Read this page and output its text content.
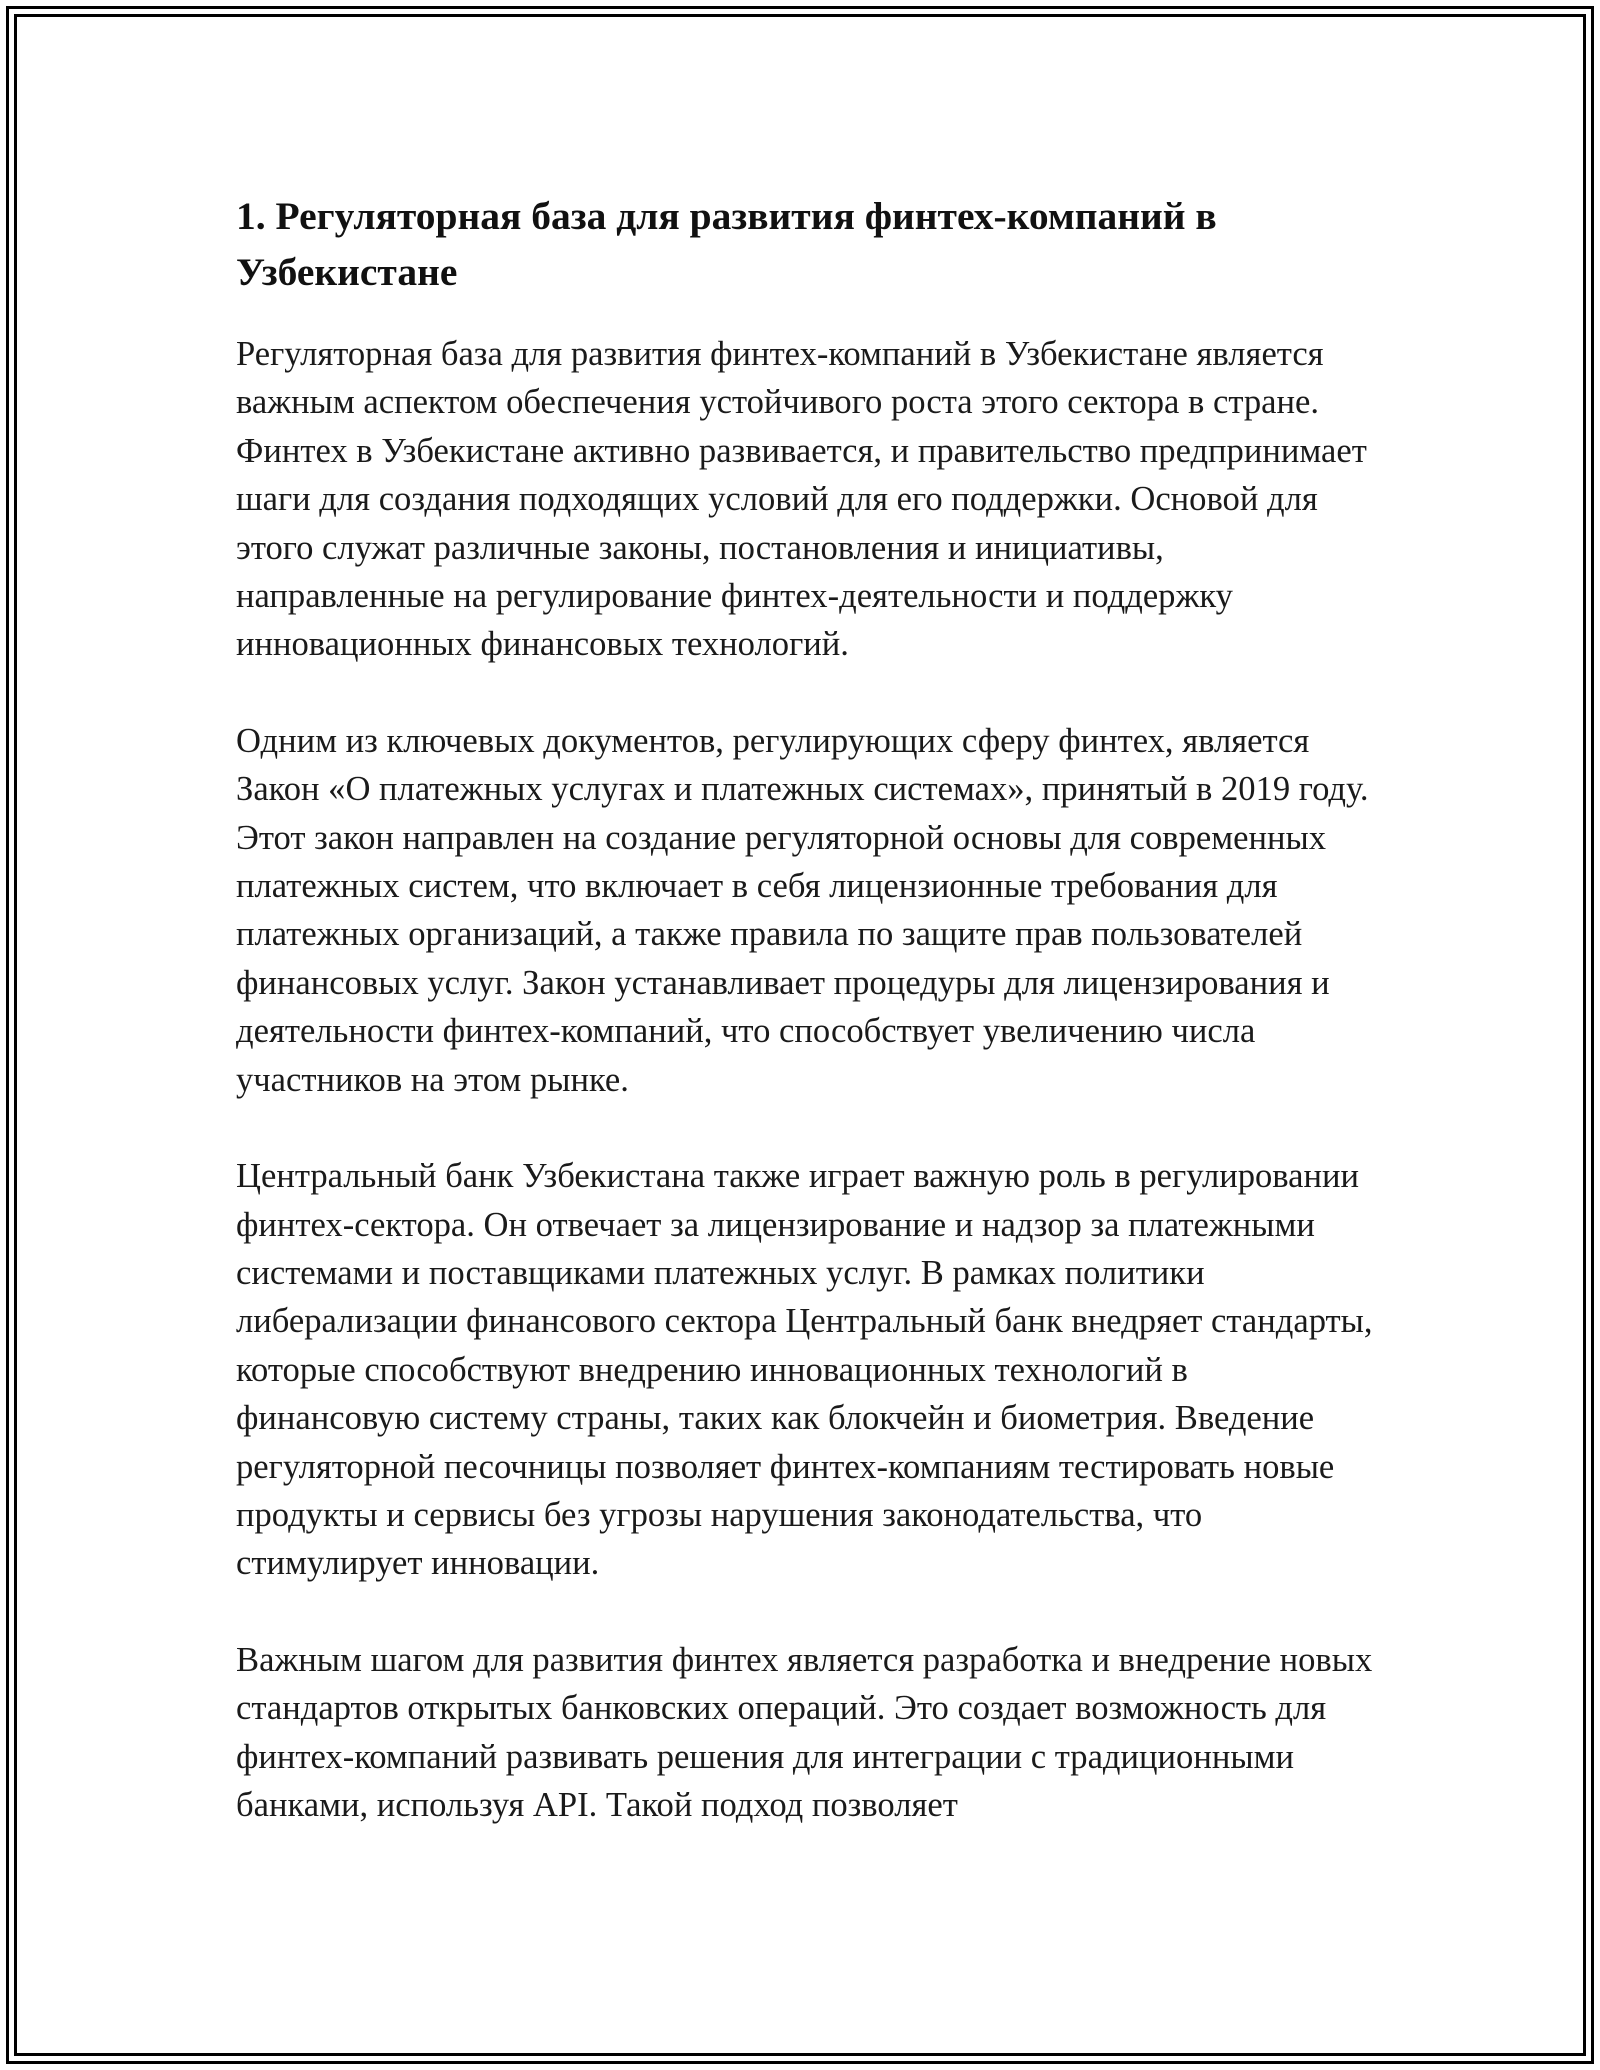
1. Регуляторная база для развития финтех-компаний в Узбекистане

Регуляторная база для развития финтех-компаний в Узбекистане является важным аспектом обеспечения устойчивого роста этого сектора в стране. Финтех в Узбекистане активно развивается, и правительство предпринимает шаги для создания подходящих условий для его поддержки. Основой для этого служат различные законы, постановления и инициативы, направленные на регулирование финтех-деятельности и поддержку инновационных финансовых технологий.

Одним из ключевых документов, регулирующих сферу финтех, является Закон «О платежных услугах и платежных системах», принятый в 2019 году. Этот закон направлен на создание регуляторной основы для современных платежных систем, что включает в себя лицензионные требования для платежных организаций, а также правила по защите прав пользователей финансовых услуг. Закон устанавливает процедуры для лицензирования и деятельности финтех-компаний, что способствует увеличению числа участников на этом рынке.

Центральный банк Узбекистана также играет важную роль в регулировании финтех-сектора. Он отвечает за лицензирование и надзор за платежными системами и поставщиками платежных услуг. В рамках политики либерализации финансового сектора Центральный банк внедряет стандарты, которые способствуют внедрению инновационных технологий в финансовую систему страны, таких как блокчейн и биометрия. Введение регуляторной песочницы позволяет финтех-компаниям тестировать новые продукты и сервисы без угрозы нарушения законодательства, что стимулирует инновации.

Важным шагом для развития финтех является разработка и внедрение новых стандартов открытых банковских операций. Это создает возможность для финтех-компаний развивать решения для интеграции с традиционными банками, используя API. Такой подход позволяет
